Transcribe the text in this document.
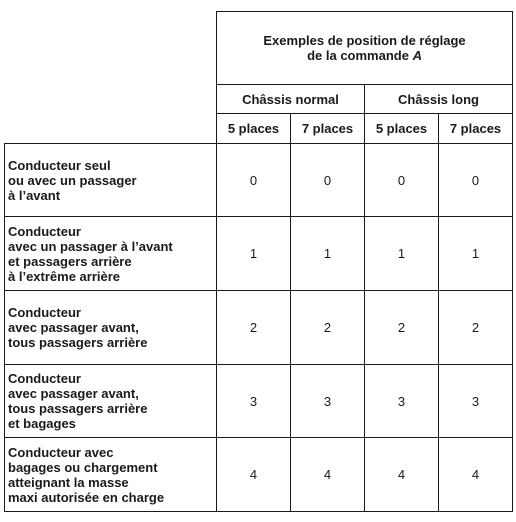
	Exemples de position de réglage
de la commande A			

	Châssis normal		Châssis long	
	5 places	7 places	5 places	7 places

Conducteur seul
ou avec un passager
à l’avant	0	0	0	0

Conducteur
avec un passager à l’avant
et passagers arrière
à l’extrême arrière	1	1	1	1

Conducteur
avec passager avant,
tous passagers arrière	2	2	2	2

Conducteur
avec passager avant,
tous passagers arrière
et bagages	3	3	3	3

Conducteur avec
bagages ou chargement
atteignant la masse
maxi autorisée en charge	4	4	4	4
